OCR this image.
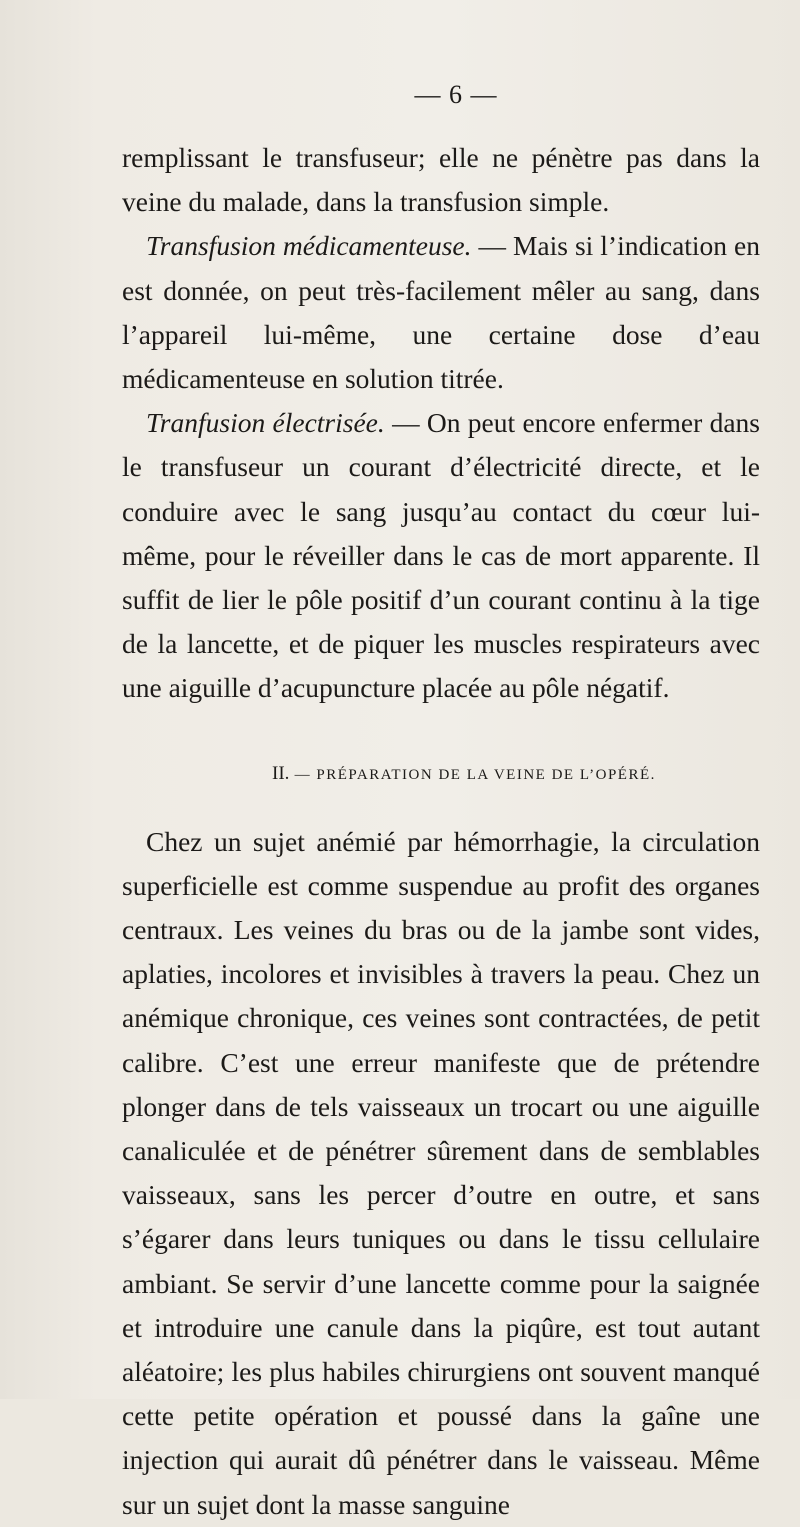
— 6 —

remplissant le transfuseur; elle ne pénètre pas dans la veine du malade, dans la transfusion simple.

Transfusion médicamenteuse. — Mais si l’indication en est donnée, on peut très-facilement mêler au sang, dans l’appareil lui-même, une certaine dose d’eau médicamenteuse en solution titrée.

Tranfusion électrisée. — On peut encore enfermer dans le transfuseur un courant d’électricité directe, et le conduire avec le sang jusqu’au contact du cœur lui-même, pour le réveiller dans le cas de mort apparente. Il suffit de lier le pôle positif d’un courant continu à la tige de la lancette, et de piquer les muscles respirateurs avec une aiguille d’acupuncture placée au pôle négatif.

II. — PRÉPARATION DE LA VEINE DE L’OPÉRÉ.

Chez un sujet anémié par hémorrhagie, la circulation superficielle est comme suspendue au profit des organes centraux. Les veines du bras ou de la jambe sont vides, aplaties, incolores et invisibles à travers la peau. Chez un anémique chronique, ces veines sont contractées, de petit calibre. C’est une erreur manifeste que de prétendre plonger dans de tels vaisseaux un trocart ou une aiguille canaliculée et de pénétrer sûrement dans de semblables vaisseaux, sans les percer d’outre en outre, et sans s’égarer dans leurs tuniques ou dans le tissu cellulaire ambiant. Se servir d’une lancette comme pour la saignée et introduire une canule dans la piqûre, est tout autant aléatoire; les plus habiles chirurgiens ont souvent manqué cette petite opération et poussé dans la gaîne une injection qui aurait dû pénétrer dans le vaisseau. Même sur un sujet dont la masse sanguine
